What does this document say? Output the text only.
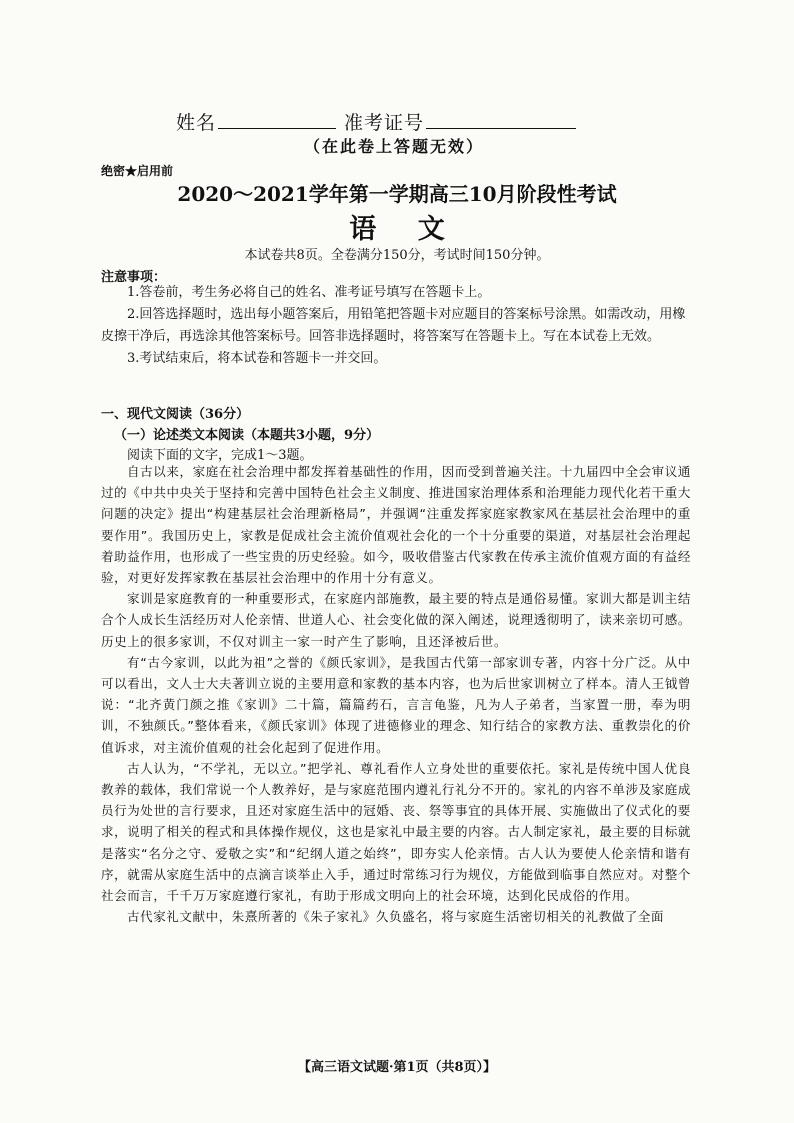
姓名	准考证号
（在此卷上答题无效）
绝密★启用前
2020～2021学年第一学期高三10月阶段性考试
语 文
本试卷共8页。全卷满分150分，考试时间150分钟。
注意事项：

1.答卷前，考生务必将自己的姓名、准考证号填写在答题卡上。

2.回答选择题时，选出每小题答案后，用铅笔把答题卡对应题目的答案标号涂黑。如需改动，用橡皮擦干净后，再选涂其他答案标号。回答非选择题时，将答案写在答题卡上。写在本试卷上无效。

3.考试结束后，将本试卷和答题卡一并交回。

一、现代文阅读（36分）
（一）论述类文本阅读（本题共3小题，9分）
阅读下面的文字，完成1～3题。

自古以来，家庭在社会治理中都发挥着基础性的作用，因而受到普遍关注。十九届四中全会审议通过的《中共中央关于坚持和完善中国特色社会主义制度、推进国家治理体系和治理能力现代化若干重大问题的决定》提出“构建基层社会治理新格局”，并强调“注重发挥家庭家教家风在基层社会治理中的重要作用”。我国历史上，家教是促成社会主流价值观社会化的一个十分重要的渠道，对基层社会治理起着助益作用，也形成了一些宝贵的历史经验。如今，吸收借鉴古代家教在传承主流价值观方面的有益经验，对更好发挥家教在基层社会治理中的作用十分有意义。

家训是家庭教育的一种重要形式，在家庭内部施教，最主要的特点是通俗易懂。家训大都是训主结合个人成长生活经历对人伦亲情、世道人心、社会变化做的深入阐述，说理透彻明了，读来亲切可感。历史上的很多家训，不仅对训主一家一时产生了影响，且还泽被后世。

有“古今家训，以此为祖”之誉的《颜氏家训》，是我国古代第一部家训专著，内容十分广泛。从中可以看出，文人士大夫著训立说的主要用意和家教的基本内容，也为后世家训树立了样本。清人王钺曾说：“北齐黄门颜之推《家训》二十篇，篇篇药石，言言龟鉴，凡为人子弟者，当家置一册，奉为明训，不独颜氏。”整体看来，《颜氏家训》体现了进德修业的理念、知行结合的家教方法、重教崇化的价值诉求，对主流价值观的社会化起到了促进作用。

古人认为，“不学礼，无以立。”把学礼、尊礼看作人立身处世的重要依托。家礼是传统中国人优良教养的载体，我们常说一个人教养好，是与家庭范围内遵礼行礼分不开的。家礼的内容不单涉及家庭成员行为处世的言行要求，且还对家庭生活中的冠婚、丧、祭等事宜的具体开展、实施做出了仪式化的要求，说明了相关的程式和具体操作规仪，这也是家礼中最主要的内容。古人制定家礼，最主要的目标就是落实“名分之守、爱敬之实”和“纪纲人道之始终”，即夯实人伦亲情。古人认为要使人伦亲情和谐有序，就需从家庭生活中的点滴言谈举止入手，通过时常练习行为规仪，方能做到临事自然应对。对整个社会而言，千千万万家庭遵行家礼，有助于形成文明向上的社会环境，达到化民成俗的作用。

古代家礼文献中，朱熹所著的《朱子家礼》久负盛名，将与家庭生活密切相关的礼教做了全面

【高三语文试题·第1页（共8页）】
